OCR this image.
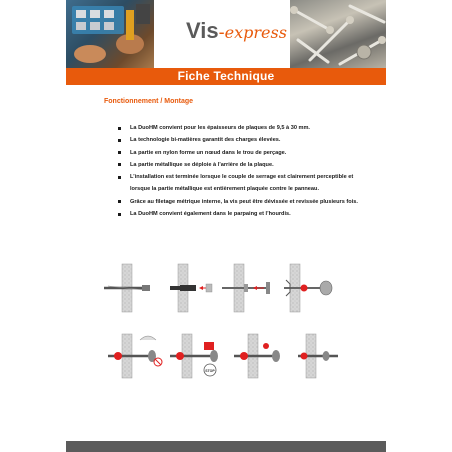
Vis-express
Fiche Technique
Fonctionnement / Montage
La DuoHM convient pour les épaisseurs de plaques de 9,5 à 30 mm.
La technologie bi-matières garantit des charges élevées.
La partie en nylon forme un nœud dans le trou de perçage.
La partie métallique se déploie à l’arrière de la plaque.
L’installation est terminée lorsque le couple de serrage est clairement perceptible et lorsque la partie métallique est entièrement plaquée contre le panneau.
Grâce au filetage métrique interne, la vis peut être dévissée et revissée plusieurs fois.
La DuoHM convient également dans le parpaing et l’hourdis.
STOP
